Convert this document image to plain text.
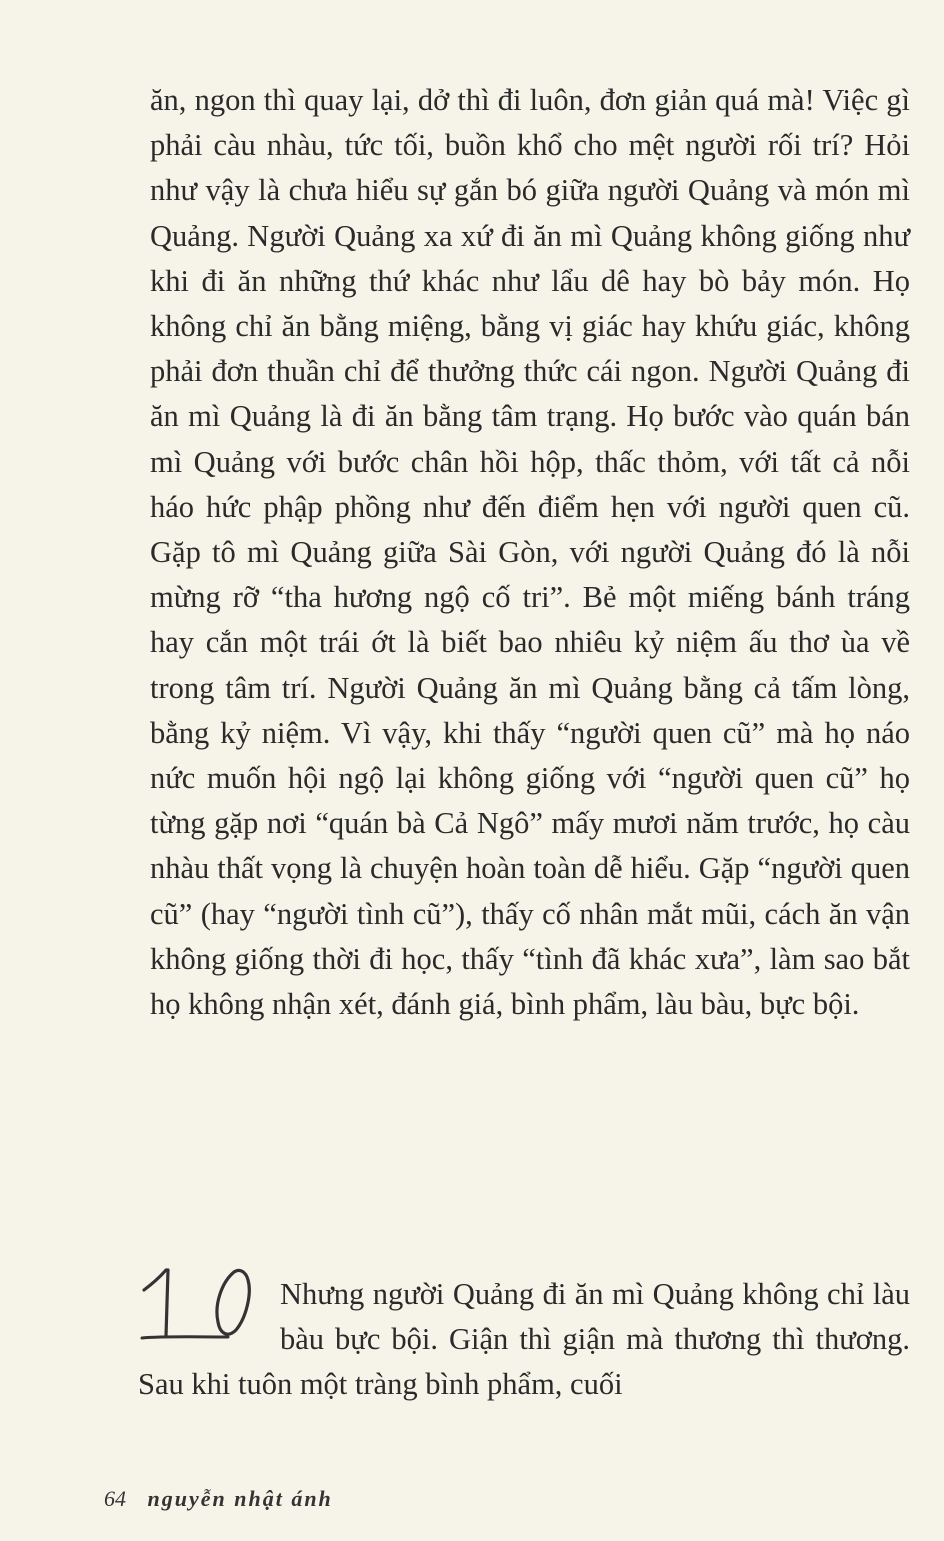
ăn, ngon thì quay lại, dở thì đi luôn, đơn giản quá mà! Việc gì phải càu nhàu, tức tối, buồn khổ cho mệt người rối trí? Hỏi như vậy là chưa hiểu sự gắn bó giữa người Quảng và món mì Quảng. Người Quảng xa xứ đi ăn mì Quảng không giống như khi đi ăn những thứ khác như lẩu dê hay bò bảy món. Họ không chỉ ăn bằng miệng, bằng vị giác hay khứu giác, không phải đơn thuần chỉ để thưởng thức cái ngon. Người Quảng đi ăn mì Quảng là đi ăn bằng tâm trạng. Họ bước vào quán bán mì Quảng với bước chân hồi hộp, thấc thỏm, với tất cả nỗi háo hức phập phồng như đến điểm hẹn với người quen cũ. Gặp tô mì Quảng giữa Sài Gòn, với người Quảng đó là nỗi mừng rỡ “tha hương ngộ cố tri”. Bẻ một miếng bánh tráng hay cắn một trái ớt là biết bao nhiêu kỷ niệm ấu thơ ùa về trong tâm trí. Người Quảng ăn mì Quảng bằng cả tấm lòng, bằng kỷ niệm. Vì vậy, khi thấy “người quen cũ” mà họ náo nức muốn hội ngộ lại không giống với “người quen cũ” họ từng gặp nơi “quán bà Cả Ngô” mấy mươi năm trước, họ càu nhàu thất vọng là chuyện hoàn toàn dễ hiểu. Gặp “người quen cũ” (hay “người tình cũ”), thấy cố nhân mắt mũi, cách ăn vận không giống thời đi học, thấy “tình đã khác xưa”, làm sao bắt họ không nhận xét, đánh giá, bình phẩm, làu bàu, bực bội.

Nhưng người Quảng đi ăn mì Quảng không chỉ làu bàu bực bội. Giận thì giận mà thương thì thương. Sau khi tuôn một tràng bình phẩm, cuối

64 nguyễn nhật ánh
